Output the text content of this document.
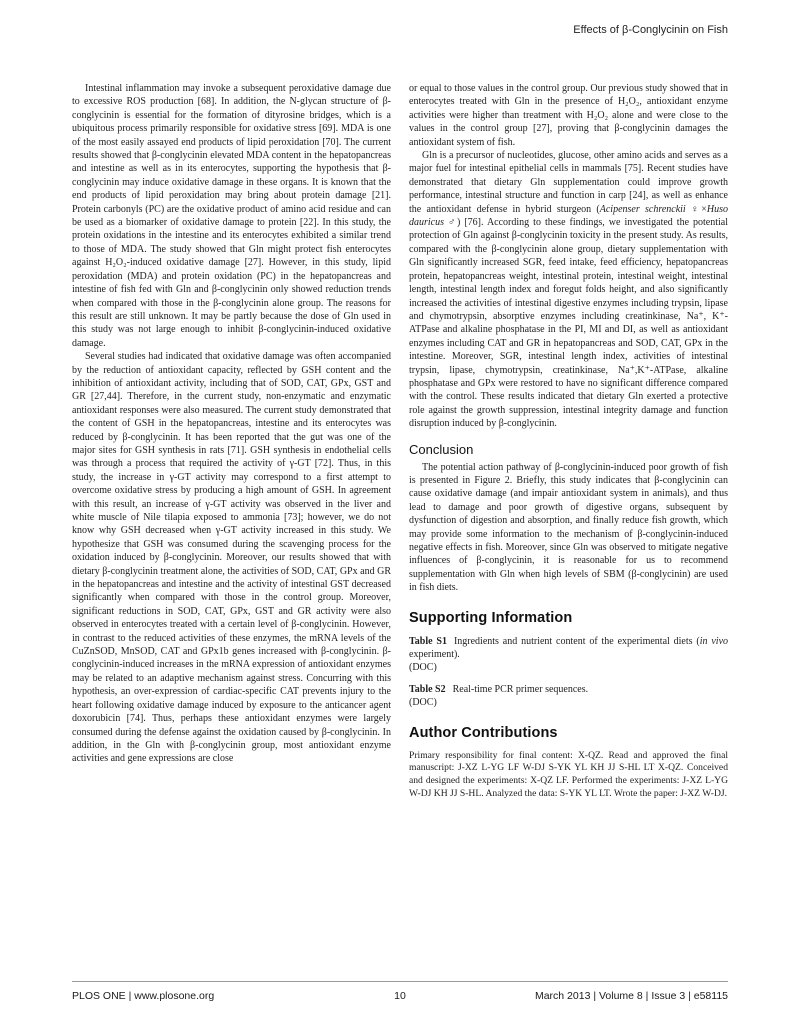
Effects of β-Conglycinin on Fish

Intestinal inflammation may invoke a subsequent peroxidative damage due to excessive ROS production [68]. In addition, the N-glycan structure of β-conglycinin is essential for the formation of dityrosine bridges, which is a ubiquitous process primarily responsible for oxidative stress [69]. MDA is one of the most easily assayed end products of lipid peroxidation [70]. The current results showed that β-conglycinin elevated MDA content in the hepatopancreas and intestine as well as in its enterocytes, supporting the hypothesis that β-conglycinin may induce oxidative damage in these organs. It is known that the end products of lipid peroxidation may bring about protein damage [21]. Protein carbonyls (PC) are the oxidative product of amino acid residue and can be used as a biomarker of oxidative damage to protein [22]. In this study, the protein oxidations in the intestine and its enterocytes exhibited a similar trend to those of MDA. The study showed that Gln might protect fish enterocytes against H₂O₂-induced oxidative damage [27]. However, in this study, lipid peroxidation (MDA) and protein oxidation (PC) in the hepatopancreas and intestine of fish fed with Gln and β-conglycinin only showed reduction trends when compared with those in the β-conglycinin alone group. The reasons for this result are still unknown. It may be partly because the dose of Gln used in this study was not large enough to inhibit β-conglycinin-induced oxidative damage.

Several studies had indicated that oxidative damage was often accompanied by the reduction of antioxidant capacity, reflected by GSH content and the inhibition of antioxidant activity, including that of SOD, CAT, GPx, GST and GR [27,44]. Therefore, in the current study, non-enzymatic and enzymatic antioxidant responses were also measured. The current study demonstrated that the content of GSH in the hepatopancreas, intestine and its enterocytes was reduced by β-conglycinin. It has been reported that the gut was one of the major sites for GSH synthesis in rats [71]. GSH synthesis in endothelial cells was through a process that required the activity of γ-GT [72]. Thus, in this study, the increase in γ-GT activity may correspond to a first attempt to overcome oxidative stress by producing a high amount of GSH. In agreement with this result, an increase of γ-GT activity was observed in the liver and white muscle of Nile tilapia exposed to ammonia [73]; however, we do not know why GSH decreased when γ-GT activity increased in this study. We hypothesize that GSH was consumed during the scavenging process for the oxidation induced by β-conglycinin. Moreover, our results showed that with dietary β-conglycinin treatment alone, the activities of SOD, CAT, GPx and GR in the hepatopancreas and intestine and the activity of intestinal GST decreased significantly when compared with those in the control group. Moreover, significant reductions in SOD, CAT, GPx, GST and GR activity were also observed in enterocytes treated with a certain level of β-conglycinin. However, in contrast to the reduced activities of these enzymes, the mRNA levels of the CuZnSOD, MnSOD, CAT and GPx1b genes increased with β-conglycinin. β-conglycinin-induced increases in the mRNA expression of antioxidant enzymes may be related to an adaptive mechanism against stress. Concurring with this hypothesis, an over-expression of cardiac-specific CAT prevents injury to the heart following oxidative damage induced by exposure to the anticancer agent doxorubicin [74]. Thus, perhaps these antioxidant enzymes were largely consumed during the defense against the oxidation caused by β-conglycinin. In addition, in the Gln with β-conglycinin group, most antioxidant enzyme activities and gene expressions are close

or equal to those values in the control group. Our previous study showed that in enterocytes treated with Gln in the presence of H₂O₂, antioxidant enzyme activities were higher than treatment with H₂O₂ alone and were close to the values in the control group [27], proving that β-conglycinin damages the antioxidant system of fish.

Gln is a precursor of nucleotides, glucose, other amino acids and serves as a major fuel for intestinal epithelial cells in mammals [75]. Recent studies have demonstrated that dietary Gln supplementation could improve growth performance, intestinal structure and function in carp [24], as well as enhance the antioxidant defense in hybrid sturgeon (Acipenser schrenckii ♀×Huso dauricus ♂) [76]. According to these findings, we investigated the potential protection of Gln against β-conglycinin toxicity in the present study. As results, compared with the β-conglycinin alone group, dietary supplementation with Gln significantly increased SGR, feed intake, feed efficiency, hepatopancreas protein, hepatopancreas weight, intestinal protein, intestinal weight, intestinal length, intestinal length index and foregut folds height, and also significantly increased the activities of intestinal digestive enzymes including trypsin, lipase and chymotrypsin, absorptive enzymes including creatinkinase, Na⁺, K⁺-ATPase and alkaline phosphatase in the PI, MI and DI, as well as antioxidant enzymes including CAT and GR in hepatopancreas and SOD, CAT, GPx in the intestine. Moreover, SGR, intestinal length index, activities of intestinal trypsin, lipase, chymotrypsin, creatinkinase, Na⁺,K⁺-ATPase, alkaline phosphatase and GPx were restored to have no significant difference compared with the control. These results indicated that dietary Gln exerted a protective role against the growth suppression, intestinal integrity damage and function disruption induced by β-conglycinin.

Conclusion

The potential action pathway of β-conglycinin-induced poor growth of fish is presented in Figure 2. Briefly, this study indicates that β-conglycinin can cause oxidative damage (and impair antioxidant system in animals), and thus lead to damage and poor growth of digestive organs, subsequent by dysfunction of digestion and absorption, and finally reduce fish growth, which may provide some information to the mechanism of β-conglycinin-induced negative effects in fish. Moreover, since Gln was observed to mitigate negative influences of β-conglycinin, it is reasonable for us to recommend supplementation with Gln when high levels of SBM (β-conglycinin) are used in fish diets.

Supporting Information

Table S1 Ingredients and nutrient content of the experimental diets (in vivo experiment).

(DOC)

Table S2 Real-time PCR primer sequences.

(DOC)

Author Contributions

Primary responsibility for final content: X-QZ. Read and approved the final manuscript: J-XZ L-YG LF W-DJ S-YK YL KH JJ S-HL LT X-QZ. Conceived and designed the experiments: X-QZ LF. Performed the experiments: J-XZ L-YG W-DJ KH JJ S-HL. Analyzed the data: S-YK YL LT. Wrote the paper: J-XZ W-DJ.

PLOS ONE | www.plosone.org	10	March 2013 | Volume 8 | Issue 3 | e58115
